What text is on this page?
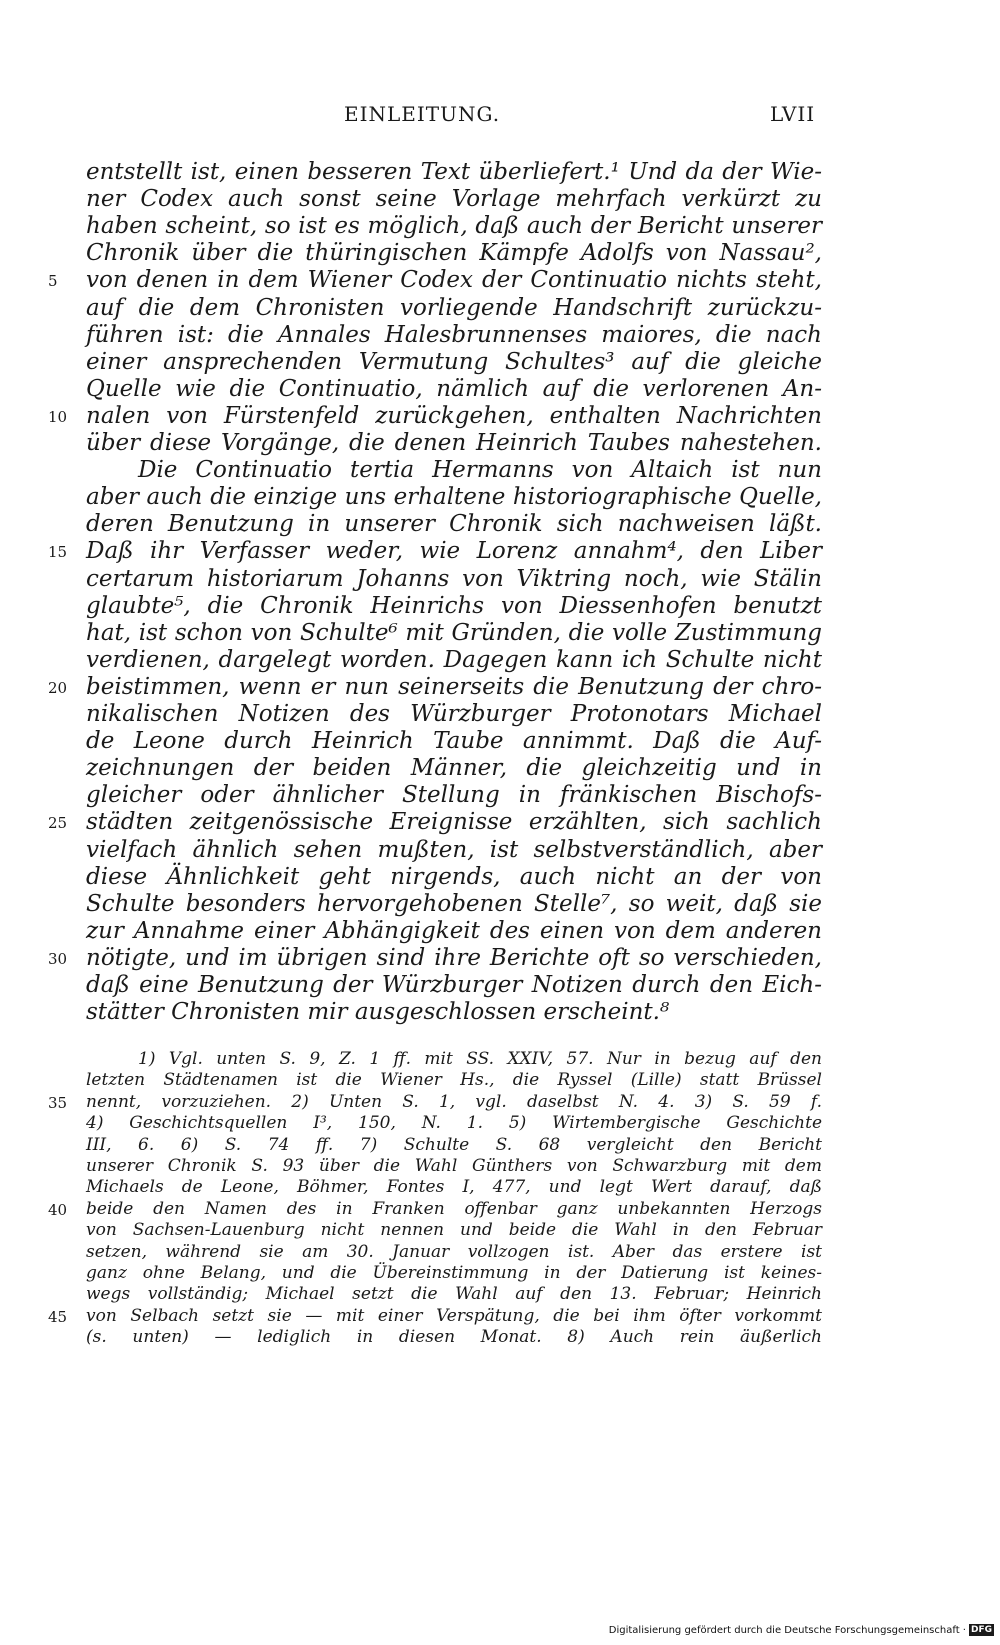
EINLEITUNG.	LVII
entstellt ist, einen besseren Text überliefert.¹ Und da der Wie-
ner Codex auch sonst seine Vorlage mehrfach verkürzt zu
haben scheint, so ist es möglich, daß auch der Bericht unserer
Chronik über die thüringischen Kämpfe Adolfs von Nassau²,
von denen in dem Wiener Codex der Continuatio nichts steht,
auf die dem Chronisten vorliegende Handschrift zurückzu-
führen ist: die Annales Halesbrunnenses maiores, die nach
einer ansprechenden Vermutung Schultes³ auf die gleiche
Quelle wie die Continuatio, nämlich auf die verlorenen An-
nalen von Fürstenfeld zurückgehen, enthalten Nachrichten
über diese Vorgänge, die denen Heinrich Taubes nahestehen.
Die Continuatio tertia Hermanns von Altaich ist nun
aber auch die einzige uns erhaltene historiographische Quelle,
deren Benutzung in unserer Chronik sich nachweisen läßt.
Daß ihr Verfasser weder, wie Lorenz annahm⁴, den Liber
certarum historiarum Johanns von Viktring noch, wie Stälin
glaubte⁵, die Chronik Heinrichs von Diessenhofen benutzt
hat, ist schon von Schulte⁶ mit Gründen, die volle Zustimmung
verdienen, dargelegt worden. Dagegen kann ich Schulte nicht
beistimmen, wenn er nun seinerseits die Benutzung der chro-
nikalischen Notizen des Würzburger Protonotars Michael
de Leone durch Heinrich Taube annimmt. Daß die Auf-
zeichnungen der beiden Männer, die gleichzeitig und in
gleicher oder ähnlicher Stellung in fränkischen Bischofs-
städten zeitgenössische Ereignisse erzählten, sich sachlich
vielfach ähnlich sehen mußten, ist selbstverständlich, aber
diese Ähnlichkeit geht nirgends, auch nicht an der von
Schulte besonders hervorgehobenen Stelle⁷, so weit, daß sie
zur Annahme einer Abhängigkeit des einen von dem anderen
nötigte, und im übrigen sind ihre Berichte oft so verschieden,
daß eine Benutzung der Würzburger Notizen durch den Eich-
stätter Chronisten mir ausgeschlossen erscheint.⁸
1) Vgl. unten S. 9, Z. 1 ff. mit SS. XXIV, 57. Nur in bezug auf den
letzten Städtenamen ist die Wiener Hs., die Ryssel (Lille) statt Brüssel
nennt, vorzuziehen. 2) Unten S. 1, vgl. daselbst N. 4. 3) S. 59 f.
4) Geschichtsquellen I³, 150, N. 1. 5) Wirtembergische Geschichte
III, 6. 6) S. 74 ff. 7) Schulte S. 68 vergleicht den Bericht
unserer Chronik S. 93 über die Wahl Günthers von Schwarzburg mit dem
Michaels de Leone, Böhmer, Fontes I, 477, und legt Wert darauf, daß
beide den Namen des in Franken offenbar ganz unbekannten Herzogs
von Sachsen-Lauenburg nicht nennen und beide die Wahl in den Februar
setzen, während sie am 30. Januar vollzogen ist. Aber das erstere ist
ganz ohne Belang, und die Übereinstimmung in der Datierung ist keines-
wegs vollständig; Michael setzt die Wahl auf den 13. Februar; Heinrich
von Selbach setzt sie — mit einer Verspätung, die bei ihm öfter vorkommt
(s. unten) — lediglich in diesen Monat. 8) Auch rein äußerlich
5
10
15
20
25
30
35
40
45
Digitalisierung gefördert durch die Deutsche Forschungsgemeinschaft · DFG
